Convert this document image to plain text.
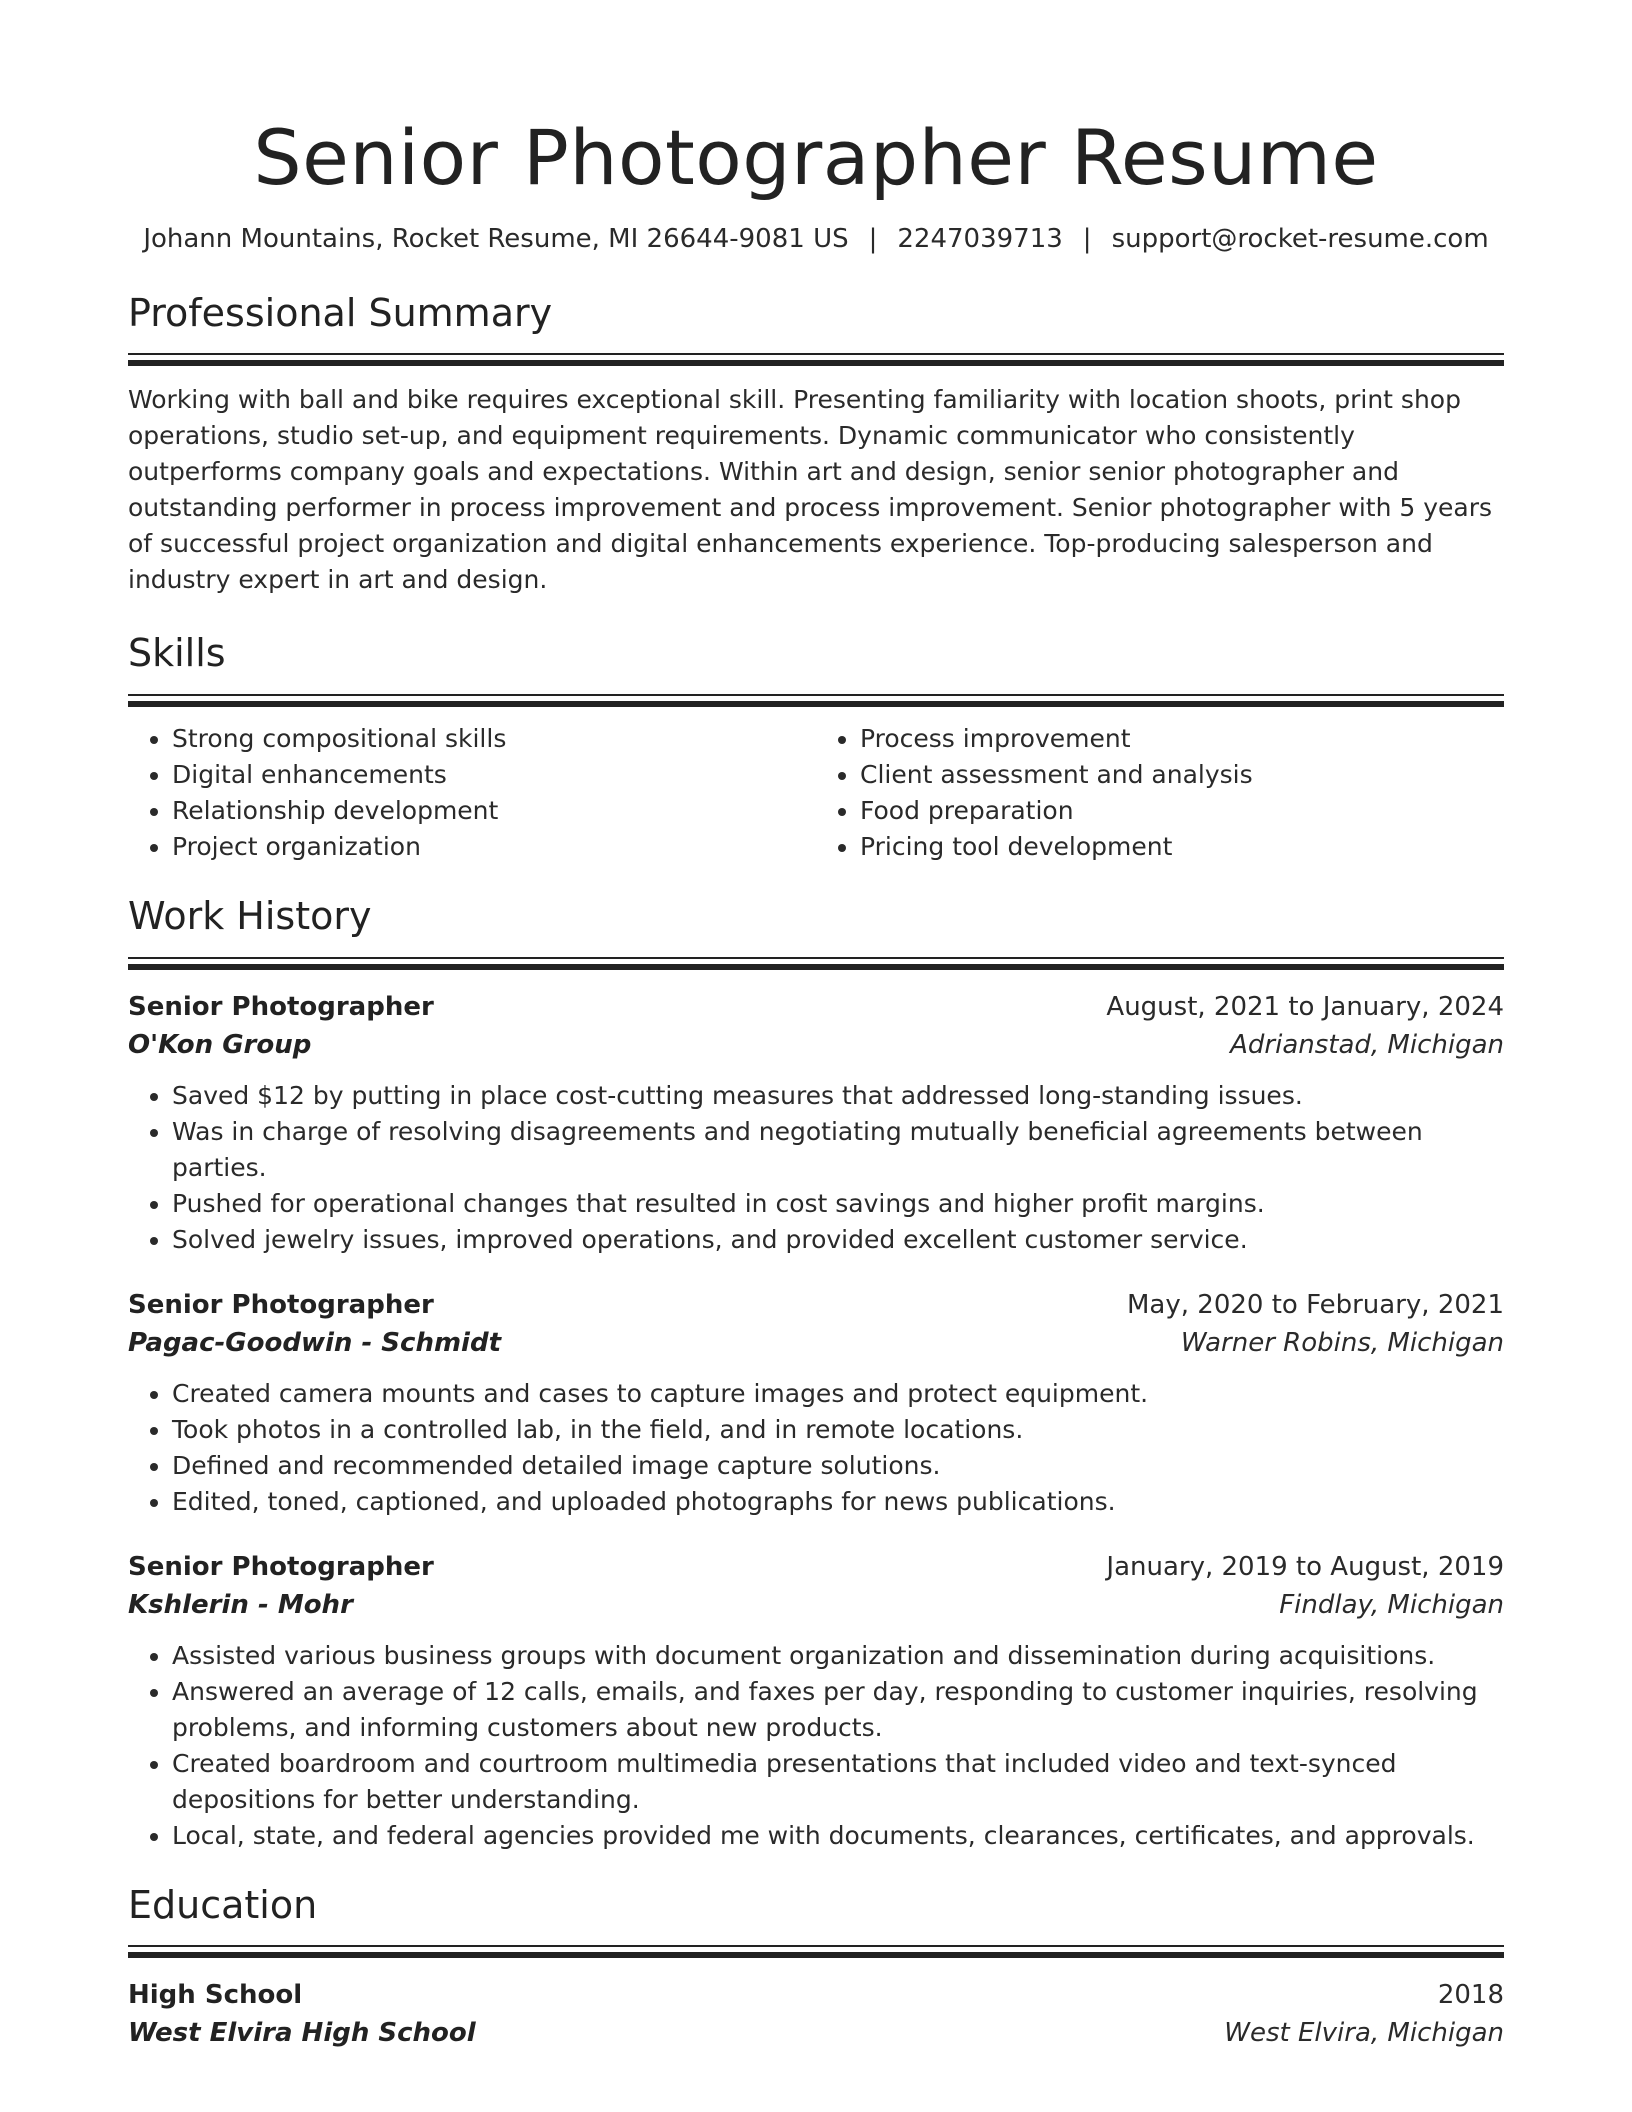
Senior Photographer Resume
Johann Mountains, Rocket Resume, MI 26644-9081 US | 2247039713 | support@rocket-resume.com
Professional Summary
Working with ball and bike requires exceptional skill. Presenting familiarity with location shoots, print shop operations, studio set-up, and equipment requirements. Dynamic communicator who consistently outperforms company goals and expectations. Within art and design, senior senior photographer and outstanding performer in process improvement and process improvement. Senior photographer with 5 years of successful project organization and digital enhancements experience. Top-producing salesperson and industry expert in art and design.
Skills
• Strong compositional skills
• Digital enhancements
• Relationship development
• Project organization
• Process improvement
• Client assessment and analysis
• Food preparation
• Pricing tool development
Work History
Senior Photographer	August, 2021 to January, 2024
O'Kon Group	Adrianstad, Michigan
• Saved $12 by putting in place cost-cutting measures that addressed long-standing issues.
• Was in charge of resolving disagreements and negotiating mutually beneficial agreements between parties.
• Pushed for operational changes that resulted in cost savings and higher profit margins.
• Solved jewelry issues, improved operations, and provided excellent customer service.
Senior Photographer	May, 2020 to February, 2021
Pagac-Goodwin - Schmidt	Warner Robins, Michigan
• Created camera mounts and cases to capture images and protect equipment.
• Took photos in a controlled lab, in the field, and in remote locations.
• Defined and recommended detailed image capture solutions.
• Edited, toned, captioned, and uploaded photographs for news publications.
Senior Photographer	January, 2019 to August, 2019
Kshlerin - Mohr	Findlay, Michigan
• Assisted various business groups with document organization and dissemination during acquisitions.
• Answered an average of 12 calls, emails, and faxes per day, responding to customer inquiries, resolving problems, and informing customers about new products.
• Created boardroom and courtroom multimedia presentations that included video and text-synced depositions for better understanding.
• Local, state, and federal agencies provided me with documents, clearances, certificates, and approvals.
Education
High School	2018
West Elvira High School	West Elvira, Michigan
